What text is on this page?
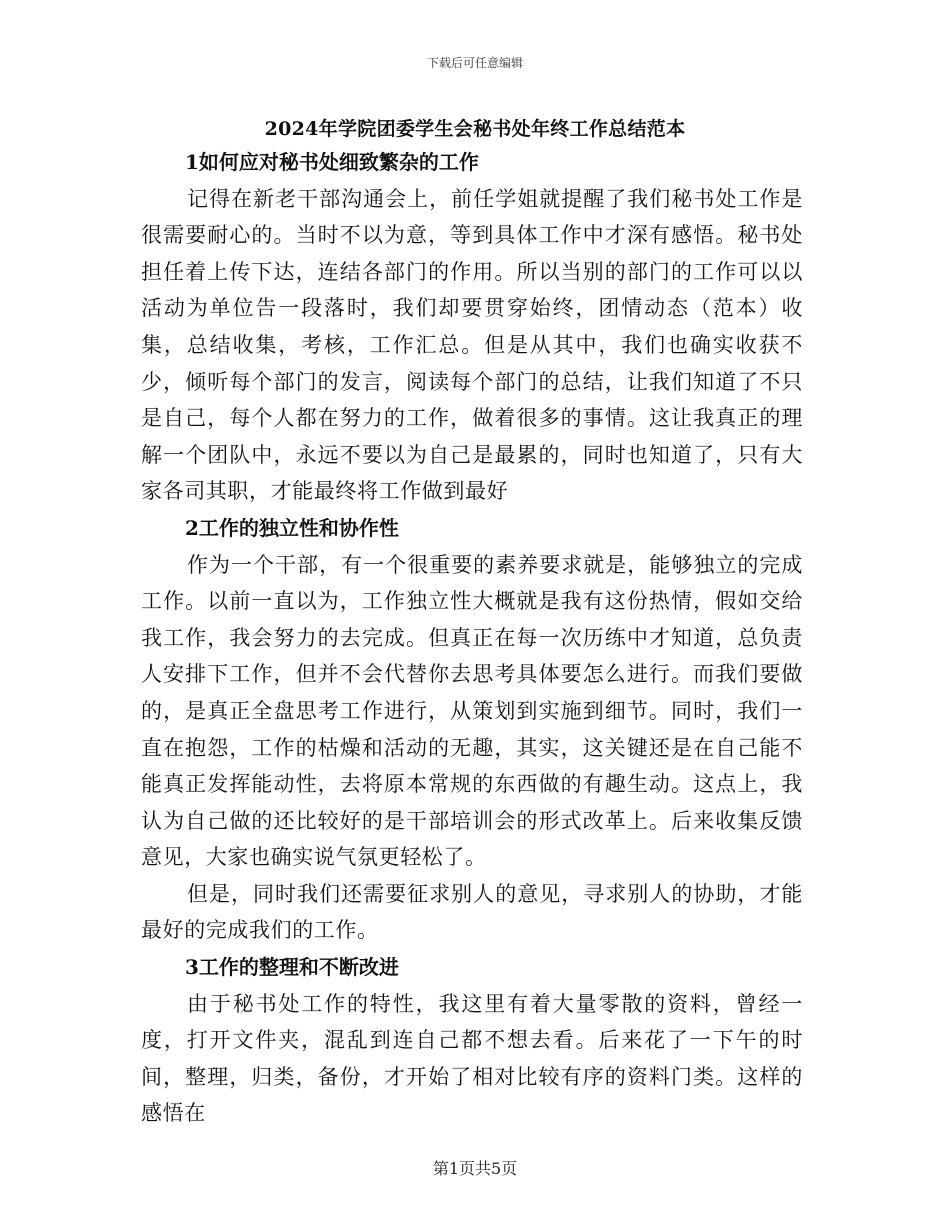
下载后可任意编辑
2024年学院团委学生会秘书处年终工作总结范本

1如何应对秘书处细致繁杂的工作

记得在新老干部沟通会上，前任学姐就提醒了我们秘书处工作是很需要耐心的。当时不以为意，等到具体工作中才深有感悟。秘书处担任着上传下达，连结各部门的作用。所以当别的部门的工作可以以活动为单位告一段落时，我们却要贯穿始终，团情动态（范本）收集，总结收集，考核，工作汇总。但是从其中，我们也确实收获不少，倾听每个部门的发言，阅读每个部门的总结，让我们知道了不只是自己，每个人都在努力的工作，做着很多的事情。这让我真正的理解一个团队中，永远不要以为自己是最累的，同时也知道了，只有大家各司其职，才能最终将工作做到最好

2工作的独立性和协作性

作为一个干部，有一个很重要的素养要求就是，能够独立的完成工作。以前一直以为，工作独立性大概就是我有这份热情，假如交给我工作，我会努力的去完成。但真正在每一次历练中才知道，总负责人安排下工作，但并不会代替你去思考具体要怎么进行。而我们要做的，是真正全盘思考工作进行，从策划到实施到细节。同时，我们一直在抱怨，工作的枯燥和活动的无趣，其实，这关键还是在自己能不能真正发挥能动性，去将原本常规的东西做的有趣生动。这点上，我认为自己做的还比较好的是干部培训会的形式改革上。后来收集反馈意见，大家也确实说气氛更轻松了。

但是，同时我们还需要征求别人的意见，寻求别人的协助，才能最好的完成我们的工作。

3工作的整理和不断改进

由于秘书处工作的特性，我这里有着大量零散的资料，曾经一度，打开文件夹，混乱到连自己都不想去看。后来花了一下午的时间，整理，归类，备份，才开始了相对比较有序的资料门类。这样的感悟在

第1页共5页
